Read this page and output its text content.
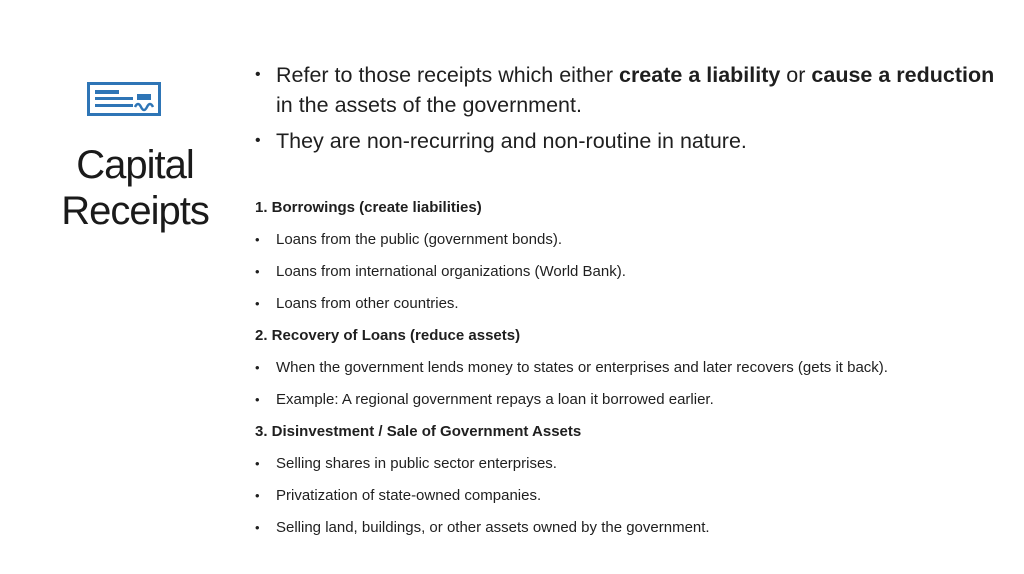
Capital
Receipts
• Refer to those receipts which either create a liability or cause a reduction in the assets of the government.
• They are non-recurring and non-routine in nature.
1. Borrowings (create liabilities)
• Loans from the public (government bonds).
• Loans from international organizations (World Bank).
• Loans from other countries.
2. Recovery of Loans (reduce assets)
• When the government lends money to states or enterprises and later recovers (gets it back).
• Example: A regional government repays a loan it borrowed earlier.
3. Disinvestment / Sale of Government Assets
• Selling shares in public sector enterprises.
• Privatization of state-owned companies.
• Selling land, buildings, or other assets owned by the government.
